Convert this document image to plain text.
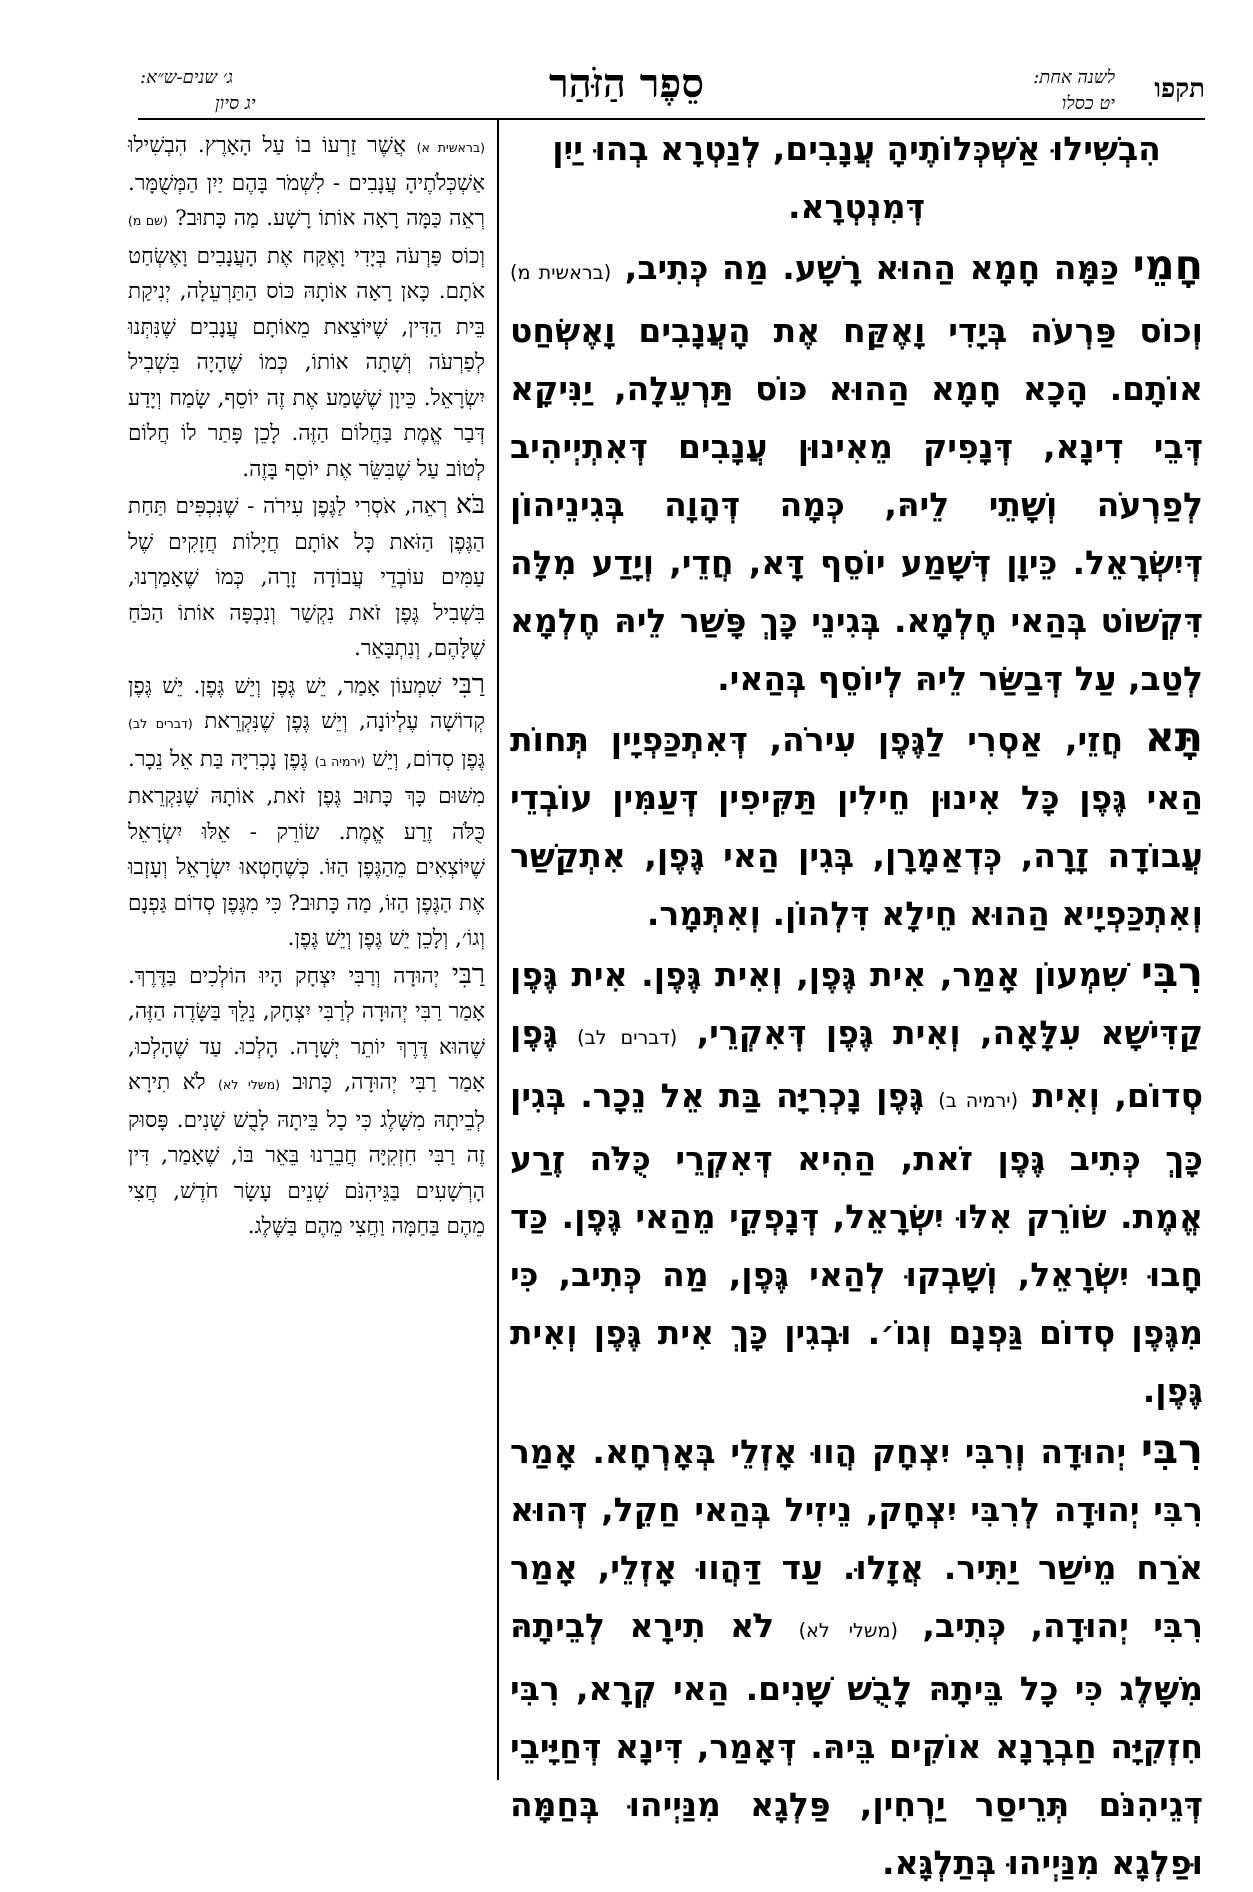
תקפו
לשנה אחת:
יט כסלו
סֵפֶר הַזֹּהַר
ג׳ שנים-ש״א:
יג סיון

הִבְשִׁילוּ אַשְׁכְּלוֹתֶיהָ עֲנָבִים, לְנַטְרָא בְהוּ יַיִן דְּמִנְטְרָא.

חָמֵי כַּמָּה חָמָא הַהוּא רָשָׁע. מַה כְּתִיב, (בראשית מ) וְכוֹס פַּרְעֹה בְּיָדִי וָאֶקַּח אֶת הָעֲנָבִים וָאֶשְׂחַט אוֹתָם. הָכָא חָמָא הַהוּא כּוֹס תַּרְעֵלָה, יַנִּיקָא דְּבֵי דִינָא, דְּנָפִיק מֵאִינוּן עֲנָבִים דְּאִתְיְיהִיב לְפַרְעֹה וְשָׁתֵי לֵיהּ, כְּמָה דְּהָוָה בְּגִינֵיהוֹן דְּיִשְׂרָאֵל. כֵּיוָן דְּשָׁמַע יוֹסֵף דָּא, חֲדֵי, וְיָדַע מִלָּה דִּקְשׁוֹט בְּהַאי חֶלְמָא. בְּגִינֵי כָּךְ פָּשַׁר לֵיהּ חֶלְמָא לְטַב, עַל דְּבַשַּׂר לֵיהּ לְיוֹסֵף בְּהַאי.

תָּא חֲזֵי, אַסְרִי לַגֶּפֶן עִירֹה, דְּאִתְכַּפְיָין תְּחוֹת הַאי גֶּפֶן כָּל אִינוּן חֵילִין תַּקִּיפִין דְּעַמִּין עוֹבְדֵי עֲבוֹדָה זָרָה, כְּדְאַמָרָן, בְּגִין הַאי גֶּפֶן, אִתְקַשַּׁר וְאִתְכַּפְיָיא הַהוּא חֵילָא דִּלְהוֹן. וְאִתְּמָר.

רִבִּי שִׁמְעוֹן אָמַר, אִית גֶּפֶן, וְאִית גֶּפֶן. אִית גֶּפֶן קַדִּישָׁא עִלָּאָה, וְאִית גֶּפֶן דְּאִקְרֵי, (דברים לב) גֶּפֶן סְדוֹם, וְאִית (ירמיה ב) גֶּפֶן נָכְרִיָּה בַּת אֵל נֵכָר. בְּגִין כָּךְ כְּתִיב גֶּפֶן זֹאת, הַהִיא דְּאִקְרֵי כֻּלֹּה זֶרַע אֱמֶת. שׂוֹרֵק אִלּוּ יִשְׂרָאֵל, דְּנָפְקֵי מֵהַאי גֶּפֶן. כַּד חָבוּ יִשְׂרָאֵל, וְשָׁבְקוּ לְהַאי גֶּפֶן, מַה כְּתִיב, כִּי מִגֶּפֶן סְדוֹם גַּפְנָם וְגוֹ׳. וּבְגִין כָּךְ אִית גֶּפֶן וְאִית גֶּפֶן.

רִבִּי יְהוּדָה וְרִבִּי יִצְחָק הֲווּ אָזְלֵי בְּאָרְחָא. אָמַר רִבִּי יְהוּדָה לְרִבִּי יִצְחָק, נֵיזִיל בְּהַאי חַקֵל, דְּהוּא אֹרַח מֵישַׁר יַתִּיר. אֲזָלוּ. עַד דַּהֲווּ אָזְלֵי, אָמַר רִבִּי יְהוּדָה, כְּתִיב, (משלי לא) לֹא תִירָא לְבֵיתָהּ מִשָּׁלֶג כִּי כָל בֵּיתָהּ לָבֻשׁ שָׁנִים. הַאי קְרָא, רִבִּי חִזְקִיָּה חַבְרָנָא אוֹקִים בֵּיהּ. דְּאָמַר, דִּינָא דְּחַיָּיבֵי דְּגֵיהִנֹּם תְּרֵיסַר יַרְחִין, פַּלְגָא מִנַּיְיהוּ בְּחַמָּה וּפַלְגָא מִנַּיְיהוּ בְּתַלְגָּא.

(בראשית א) אֲשֶׁר זַרְעוֹ בוֹ עַל הָאָרֶץ. הִבְשִׁילוּ אַשְׁכְּלֹתֶיהָ עֲנָבִים - לִשְׁמֹר בָּהֶם יַיִן הַמְּשֻׁמָּר. רְאֵה כַּמָּה רָאָה אוֹתוֹ רָשָׁע. מַה כָּתוּב? (שם מ) וְכוֹס פַּרְעֹה בְּיָדִי וָאֶקַּח אֶת הָעֲנָבִים וָאֶשְׂחַט אֹתָם. כָּאן רָאָה אוֹתָהּ כּוֹס הַתַּרְעֵלָה, יְנִיקַת בֵּית הַדִּין, שֶׁיּוֹצֵאת מֵאוֹתָם עֲנָבִים שֶׁנִּתְּנוּ לְפַרְעֹה וְשָׁתָה אוֹתוֹ, כְּמוֹ שֶׁהָיָה בִּשְׁבִיל יִשְׂרָאֵל. כֵּיוָן שֶׁשָּׁמַע אֶת זֶה יוֹסֵף, שָׂמַח וְיָדַע דְּבַר אֱמֶת בַּחֲלוֹם הַזֶּה. לָכֵן פָּתַר לוֹ חֲלוֹם לְטוֹב עַל שֶׁבִּשֵּׂר אֶת יוֹסֵף בָּזֶה.

בֹּא רְאֵה, אֹסְרִי לַגֶּפֶן עִירֹה - שֶׁנִּכְפִּים תַּחַת הַגֶּפֶן הַזֹּאת כָּל אוֹתָם חֲיָלוֹת חֲזָקִים שֶׁל עַמִּים עוֹבְדֵי עֲבוֹדָה זָרָה, כְּמוֹ שֶׁאָמַרְנוּ, בִּשְׁבִיל גֶּפֶן זֹאת נִקְשַׁר וְנִכְפָּה אוֹתוֹ הַכֹּחַ שֶׁלָּהֶם, וְנִתְבָּאֵר.

רַבִּי שִׁמְעוֹן אָמַר, יֵשׁ גֶּפֶן וְיֵשׁ גֶּפֶן. יֵשׁ גֶּפֶן קְדוֹשָׁה עֶלְיוֹנָה, וְיֵשׁ גֶּפֶן שֶׁנִּקְרֵאת (דברים לב) גֶּפֶן סְדוֹם, וְיֵשׁ (ירמיה ב) גֶּפֶן נָכְרִיָּה בַּת אֵל נֵכָר. מִשּׁוּם כָּךְ כָּתוּב גֶּפֶן זֹאת, אוֹתָהּ שֶׁנִּקְרֵאת כֻּלֹּה זֶרַע אֱמֶת. שׂוֹרֵק - אֵלּוּ יִשְׂרָאֵל שֶׁיּוֹצְאִים מֵהַגֶּפֶן הַזּוֹ. כְּשֶׁחָטְאוּ יִשְׂרָאֵל וְעָזְבוּ אֶת הַגֶּפֶן הַזּוֹ, מַה כָּתוּב? כִּי מִגֶּפֶן סְדוֹם גַּפְנָם וְגוֹ׳, וְלָכֵן יֵשׁ גֶּפֶן וְיֵשׁ גֶּפֶן.

רַבִּי יְהוּדָה וְרַבִּי יִצְחָק הָיוּ הוֹלְכִים בַּדֶּרֶךְ. אָמַר רַבִּי יְהוּדָה לְרַבִּי יִצְחָק, נֵלֵךְ בַּשָּׂדֶה הַזֶּה, שֶׁהוּא דֶּרֶךְ יוֹתֵר יְשָׁרָה. הָלְכוּ. עַד שֶׁהָלְכוּ, אָמַר רַבִּי יְהוּדָה, כָּתוּב (משלי לא) לֹא תִירָא לְבֵיתָהּ מִשָּׁלֶג כִּי כָל בֵּיתָהּ לָבֻשׁ שָׁנִים. פָּסוּק זֶה רַבִּי חִזְקִיָּה חֲבֵרֵנוּ בֵּאֵר בּוֹ, שֶׁאָמַר, דִּין הָרְשָׁעִים בַּגֵּיהִנֹּם שְׁנֵים עָשָׂר חֹדֶשׁ, חֲצִי מֵהֶם בַּחַמָּה וַחֲצִי מֵהֶם בַּשֶּׁלֶג.
